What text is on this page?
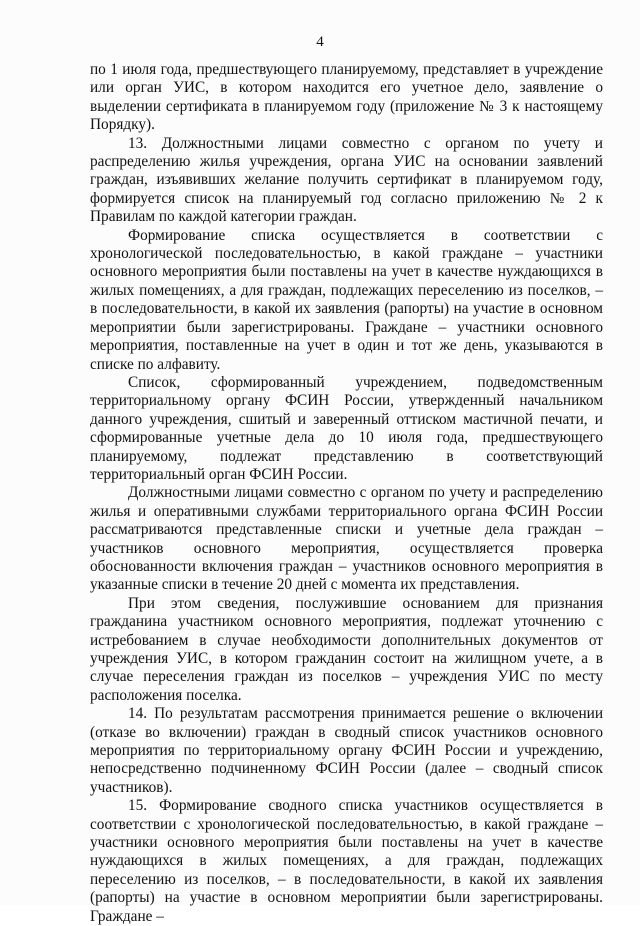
4

по 1 июля года, предшествующего планируемому, представляет в учреждение или орган УИС, в котором находится его учетное дело, заявление о выделении сертификата в планируемом году (приложение № 3 к настоящему Порядку).

13. Должностными лицами совместно с органом по учету и распределению жилья учреждения, органа УИС на основании заявлений граждан, изъявивших желание получить сертификат в планируемом году, формируется список на планируемый год согласно приложению № 2 к Правилам по каждой категории граждан.

Формирование списка осуществляется в соответствии с хронологической последовательностью, в какой гражданe – участники основного мероприятия были поставлены на учет в качестве нуждающихся в жилых помещениях, а для граждан, подлежащих переселению из поселков, – в последовательности, в какой их заявления (рапорты) на участие в основном мероприятии были зарегистрированы. Граждане – участники основного мероприятия, поставленные на учет в один и тот же день, указываются в списке по алфавиту.

Список, сформированный учреждением, подведомственным территориальному органу ФСИН России, утвержденный начальником данного учреждения, сшитый и заверенный оттиском мастичной печати, и сформированные учетные дела до 10 июля года, предшествующего планируемому, подлежат представлению в соответствующий территориальный орган ФСИН России.

Должностными лицами совместно с органом по учету и распределению жилья и оперативными службами территориального органа ФСИН России рассматриваются представленные списки и учетные дела граждан – участников основного мероприятия, осуществляется проверка обоснованности включения граждан – участников основного мероприятия в указанные списки в течение 20 дней с момента их представления.

При этом сведения, послужившие основанием для признания гражданина участником основного мероприятия, подлежат уточнению с истребованием в случае необходимости дополнительных документов от учреждения УИС, в котором гражданин состоит на жилищном учете, а в случае переселения граждан из поселков – учреждения УИС по месту расположения поселка.

14. По результатам рассмотрения принимается решение о включении (отказе во включении) граждан в сводный список участников основного мероприятия по территориальному органу ФСИН России и учреждению, непосредственно подчиненному ФСИН России (далее – сводный список участников).

15. Формирование сводного списка участников осуществляется в соответствии с хронологической последовательностью, в какой граждане – участники основного мероприятия были поставлены на учет в качестве нуждающихся в жилых помещениях, а для граждан, подлежащих переселению из поселков, – в последовательности, в какой их заявления (рапорты) на участие в основном мероприятии были зарегистрированы. Граждане –
